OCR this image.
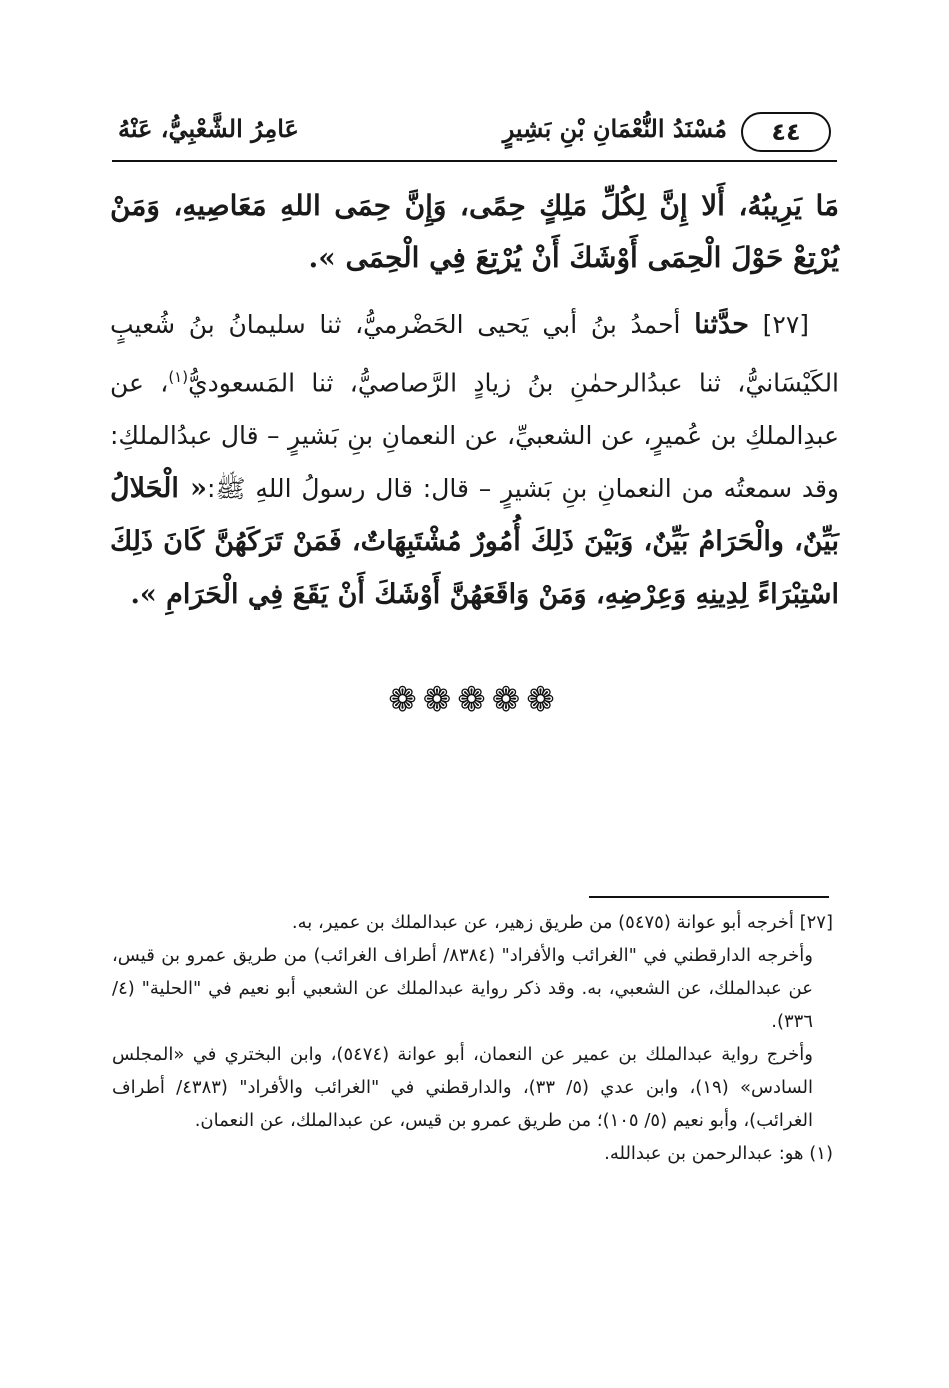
٤٤
مُسْنَدُ النُّعْمَانِ بْنِ بَشِيرٍ
عَامِرُ الشَّعْبِيُّ، عَنْهُ

مَا يَرِيبُهُ، أَلا إِنَّ لِكُلِّ مَلِكٍ حِمًى، وَإِنَّ حِمَى اللهِ مَعَاصِيهِ، وَمَنْ يُرْتِعْ حَوْلَ الْحِمَى أَوْشَكَ أَنْ يُرْتِعَ فِي الْحِمَى ».

[٢٧] حدَّثنا أحمدُ بنُ أبي يَحيى الحَضْرميُّ، ثنا سليمانُ بنُ شُعيبٍ الكَيْسَانيُّ، ثنا عبدُالرحمٰنِ بنُ زيادٍ الرَّصاصيُّ، ثنا المَسعوديُّ$^{(١)}$، عن عبدِالملكِ بن عُميرٍ، عن الشعبيِّ، عن النعمانِ بنِ بَشيرٍ – قال عبدُالملكِ: وقد سمعتُه من النعمانِ بنِ بَشيرٍ – قال: قال رسولُ اللهِ ﷺ:« الْحَلالُ بَيِّنٌ، والْحَرَامُ بَيِّنٌ، وَبَيْنَ ذَلِكَ أُمُورٌ مُشْتَبِهَاتٌ، فَمَنْ تَرَكَهُنَّ كَانَ ذَلِكَ اسْتِبْرَاءً لِدِينِهِ وَعِرْضِهِ، وَمَنْ وَاقَعَهُنَّ أَوْشَكَ أَنْ يَقَعَ فِي الْحَرَامِ ».

❁❁❁❁❁

[٢٧] أخرجه أبو عوانة (٥٤٧٥) من طريق زهير، عن عبدالملك بن عمير، به.

وأخرجه الدارقطني في "الغرائب والأفراد" (٨٣٨٤/ أطراف الغرائب) من طريق عمرو بن قيس، عن عبدالملك، عن الشعبي، به. وقد ذكر رواية عبدالملك عن الشعبي أبو نعيم في "الحلية" (٤/ ٣٣٦).

وأخرج رواية عبدالملك بن عمير عن النعمان، أبو عوانة (٥٤٧٤)، وابن البختري في «المجلس السادس» (١٩)، وابن عدي (٥/ ٣٣)، والدارقطني في "الغرائب والأفراد" (٤٣٨٣/ أطراف الغرائب)، وأبو نعيم (٥/ ١٠٥)؛ من طريق عمرو بن قيس، عن عبدالملك، عن النعمان.

(١) هو: عبدالرحمن بن عبدالله.
